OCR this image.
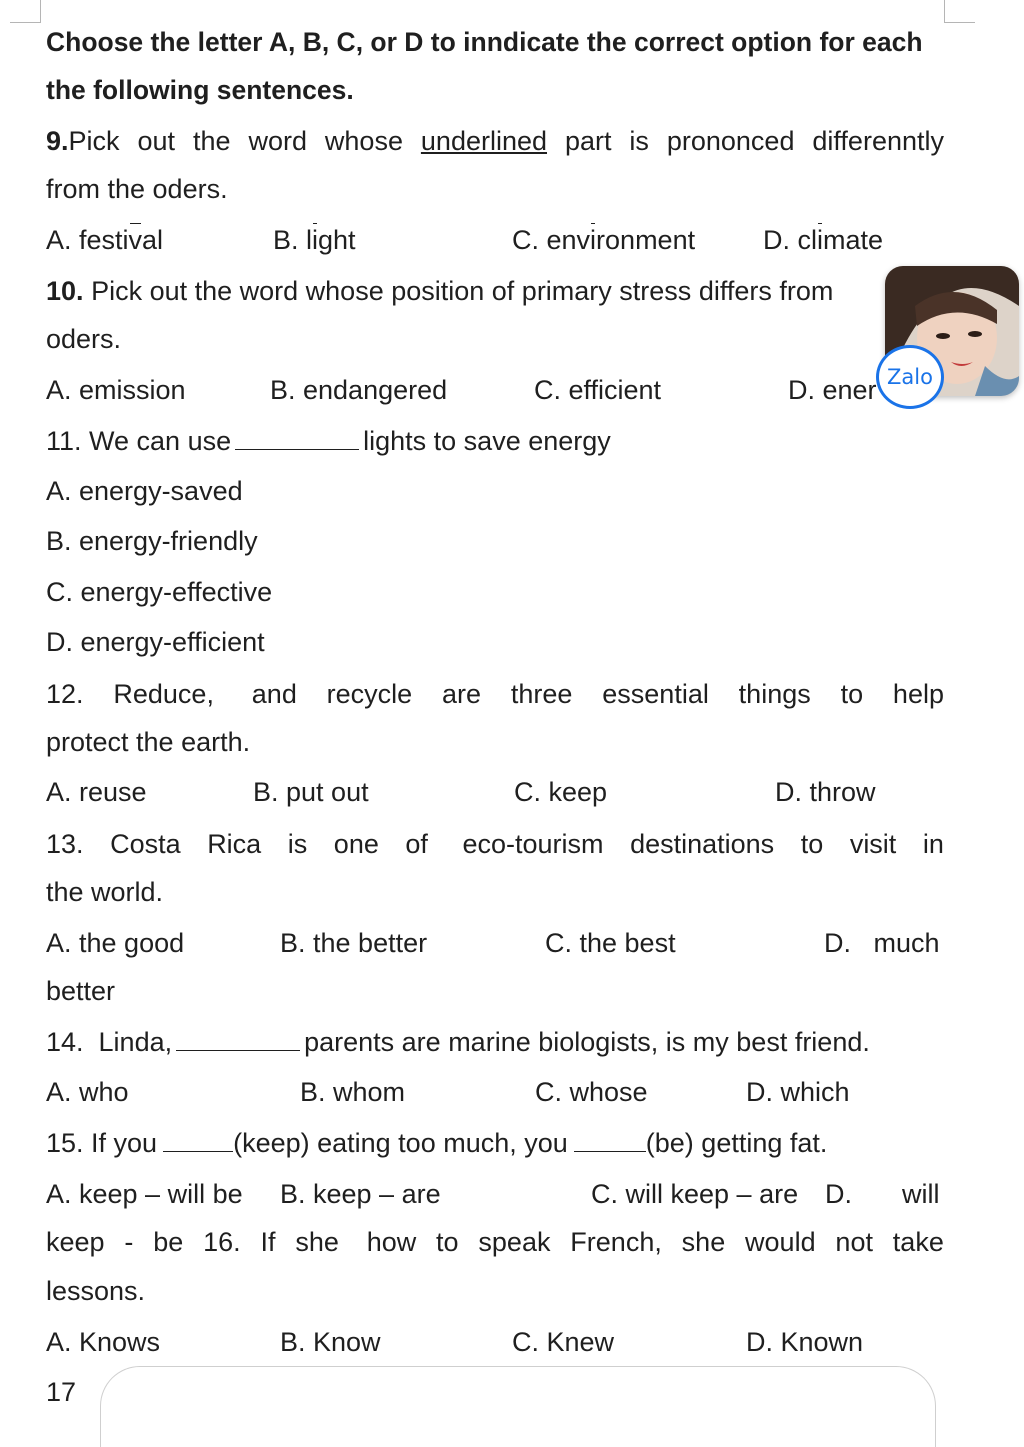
Choose the letter A, B, C, or D to inndicate the correct option for each
the following sentences.
9.Pick out the word whose underlined part is prononced differenntly
from the oders.
A. festival	B. light	C. environment	D. climate
10. Pick out the word whose position of primary stress differs from
oders.
A. emission	B. endangered	C. efficient	D. ener
11. We can use	lights to save energy
A. energy-saved
B. energy-friendly
C. energy-effective
D. energy-efficient
12. Reduce, and recycle are three essential things to help
protect the earth.
A. reuse	B. put out	C. keep	D. throw
13. Costa Rica is one of eco-tourism destinations to visit in
the world.
A. the good	B. the better	C. the best	D.   much
better
14.  Linda,	parents are marine biologists, is my best friend.
A. who	B. whom	C. whose	D. which
15. If you	(keep) eating too much, you	(be) getting fat.
A. keep – will be B. keep – are	C. will keep – are D. will
keep - be 16. If she how to speak French, she would not take
lessons.
A. Knows	B. Know	C. Knew	D. Known
17
Zalo
